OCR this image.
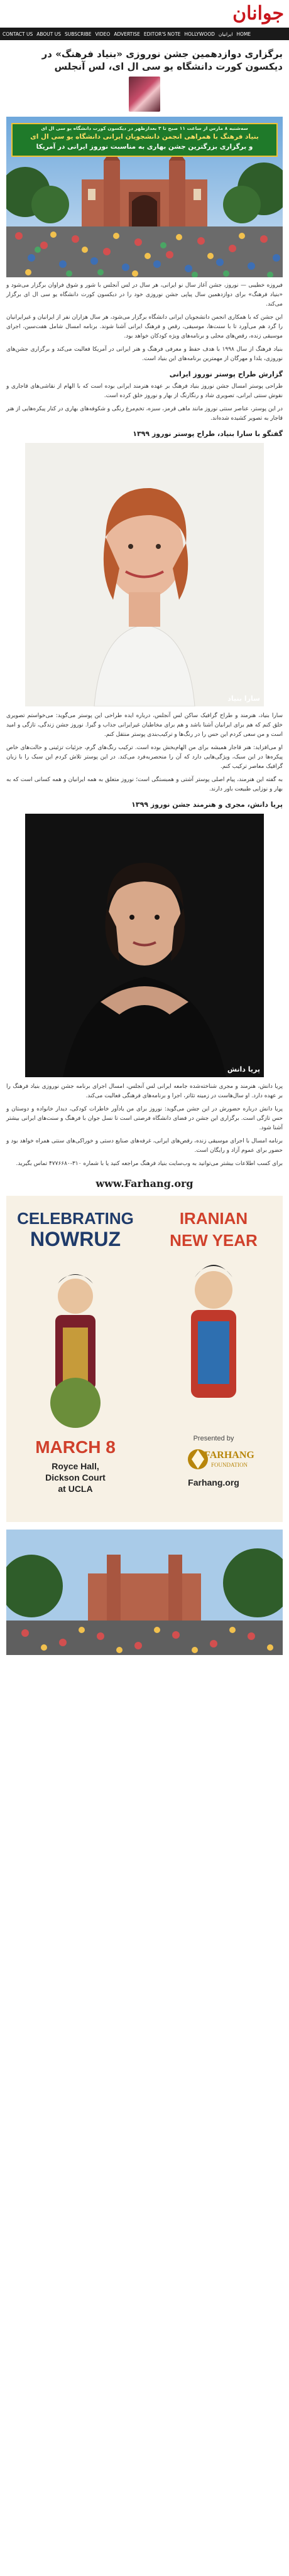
جوانان
CONTACT US ABOUT US SUBSCRIBE VIDEO ADVERTISE EDITOR'S NOTE HOLLYWOOD ایرانیان HOME
برگزاری دوازدهمین جشن نوروزی «بنیاد فرهنگ» در دیکسون کورت دانشگاه یو سی ال ای، لس آنجلس
سه‌شنبه ۸ مارس از ساعت ۱۱ صبح تا ۳ بعدازظهر در دیکسون کورت دانشگاه یو سی ال ای
بنیاد فرهنگ با همراهی انجمن دانشجویان ایرانی دانشگاه یو سی ال ای
و برگزاری بزرگترین جشن بهاری به مناسبت نوروز ایرانی در آمریکا

فیروزه خطیبی — نوروز، جشن آغاز سال نو ایرانی، هر سال در لس آنجلس با شور و شوق فراوان برگزار می‌شود و «بنیاد فرهنگ» برای دوازدهمین سال پیاپی جشن نوروزی خود را در دیکسون کورت دانشگاه یو سی ال ای برگزار می‌کند.

این جشن که با همکاری انجمن دانشجویان ایرانی دانشگاه برگزار می‌شود، هر سال هزاران نفر از ایرانیان و غیرایرانیان را گرد هم می‌آورد تا با سنت‌ها، موسیقی، رقص و فرهنگ ایرانی آشنا شوند. برنامه امسال شامل هفت‌سین، اجرای موسیقی زنده، رقص‌های محلی و برنامه‌های ویژه کودکان خواهد بود.

بنیاد فرهنگ از سال ۱۹۹۸ با هدف حفظ و معرفی فرهنگ و هنر ایرانی در آمریکا فعالیت می‌کند و برگزاری جشن‌های نوروزی، یلدا و مهرگان از مهمترین برنامه‌های این بنیاد است.

گزارش طراح پوستر نوروز ایرانی

طراحی پوستر امسال جشن نوروز بنیاد فرهنگ بر عهده هنرمند ایرانی بوده است که با الهام از نقاشی‌های قاجاری و نقوش سنتی ایرانی، تصویری شاد و رنگارنگ از بهار و نوروز خلق کرده است.

در این پوستر، عناصر سنتی نوروز مانند ماهی قرمز، سبزه، تخم‌مرغ رنگی و شکوفه‌های بهاری در کنار پیکره‌هایی از هنر قاجار به تصویر کشیده شده‌اند.

گفتگو با سارا بنیاد، طراح پوستر نوروز ۱۳۹۹
سارا بنیاد

سارا بنیاد، هنرمند و طراح گرافیک ساکن لس آنجلس، درباره ایده طراحی این پوستر می‌گوید: می‌خواستم تصویری خلق کنم که هم برای ایرانیان آشنا باشد و هم برای مخاطبان غیرایرانی جذاب و گیرا. نوروز جشن زندگی، تازگی و امید است و من سعی کردم این حس را در رنگ‌ها و ترکیب‌بندی پوستر منتقل کنم.

او می‌افزاید: هنر قاجار همیشه برای من الهام‌بخش بوده است. ترکیب رنگ‌های گرم، جزئیات تزئینی و حالت‌های خاص پیکره‌ها در این سبک، ویژگی‌هایی دارد که آن را منحصربه‌فرد می‌کند. در این پوستر تلاش کردم این سبک را با زبان گرافیک معاصر ترکیب کنم.

به گفته این هنرمند، پیام اصلی پوستر آشتی و همبستگی است؛ نوروز متعلق به همه ایرانیان و همه کسانی است که به بهار و نوزایی طبیعت باور دارند.

پریا دانش، مجری و هنرمند جشن نوروز ۱۳۹۹
پریا دانش

پریا دانش، هنرمند و مجری شناخته‌شده جامعه ایرانی لس آنجلس، امسال اجرای برنامه جشن نوروزی بنیاد فرهنگ را بر عهده دارد. او سال‌هاست در زمینه تئاتر، اجرا و برنامه‌های فرهنگی فعالیت می‌کند.

پریا دانش درباره حضورش در این جشن می‌گوید: نوروز برای من یادآور خاطرات کودکی، دیدار خانواده و دوستان و حس تازگی است. برگزاری این جشن در فضای دانشگاه فرصتی است تا نسل جوان با فرهنگ و سنت‌های ایرانی بیشتر آشنا شود.

برنامه امسال با اجرای موسیقی زنده، رقص‌های ایرانی، غرفه‌های صنایع دستی و خوراکی‌های سنتی همراه خواهد بود و حضور برای عموم آزاد و رایگان است.

برای کسب اطلاعات بیشتر می‌توانید به وب‌سایت بنیاد فرهنگ مراجعه کنید یا با شماره ۳۱۰-۴۷۷۶۶۸۰ تماس بگیرید.

www.Farhang.org
CELEBRATING
NOWRUZ
IRANIAN
NEW YEAR
MARCH 8
Royce Hall,
Dickson Court
at UCLA
Presented by
FARHANG
FOUNDATION
Farhang.org
